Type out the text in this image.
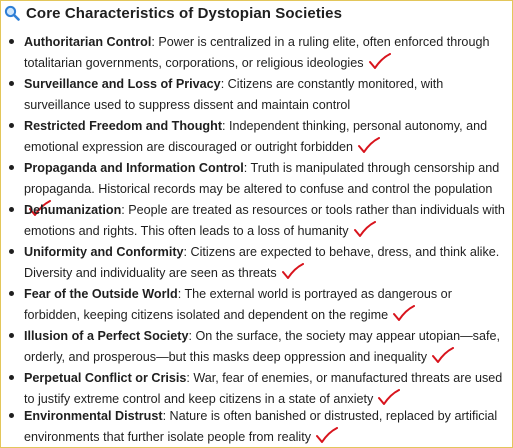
Core Characteristics of Dystopian Societies
Authoritarian Control: Power is centralized in a ruling elite, often enforced through totalitarian governments, corporations, or religious ideologies
Surveillance and Loss of Privacy: Citizens are constantly monitored, with surveillance used to suppress dissent and maintain control
Restricted Freedom and Thought: Independent thinking, personal autonomy, and emotional expression are discouraged or outright forbidden
Propaganda and Information Control: Truth is manipulated through censorship and propaganda. Historical records may be altered to confuse and control the population
Dehumanization: People are treated as resources or tools rather than individuals with emotions and rights. This often leads to a loss of humanity
Uniformity and Conformity: Citizens are expected to behave, dress, and think alike. Diversity and individuality are seen as threats
Fear of the Outside World: The external world is portrayed as dangerous or forbidden, keeping citizens isolated and dependent on the regime
Illusion of a Perfect Society: On the surface, the society may appear utopian—safe, orderly, and prosperous—but this masks deep oppression and inequality
Perpetual Conflict or Crisis: War, fear of enemies, or manufactured threats are used to justify extreme control and keep citizens in a state of anxiety
Environmental Distrust: Nature is often banished or distrusted, replaced by artificial environments that further isolate people from reality
